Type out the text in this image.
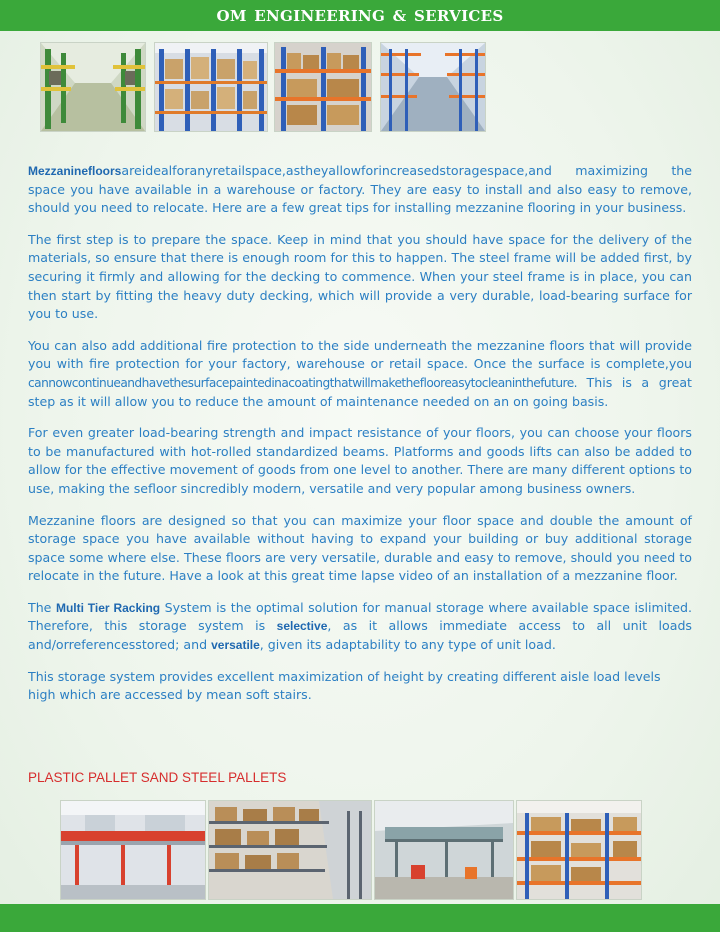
OM ENGINEERING & SERVICES

Mezzaninefloorsareidealforanyretailspace,astheyallowforincreasedstoragespace,and maximizing the space you have available in a warehouse or factory. They are easy to install and also easy to remove, should you need to relocate. Here are a few great tips for installing mezzanine flooring in your business.

The first step is to prepare the space. Keep in mind that you should have space for the delivery of the materials, so ensure that there is enough room for this to happen. The steel frame will be added first, by securing it firmly and allowing for the decking to commence. When your steel frame is in place, you can then start by fitting the heavy duty decking, which will provide a very durable, load-bearing surface for you to use.

You can also add additional fire protection to the side underneath the mezzanine floors that will provide you with fire protection for your factory, warehouse or retail space. Once the surface is complete,you cannowcontinueandhavethesurfacepaintedinacoatingthatwillmaketheflooreasytocleaninthefuture. This is a great step as it will allow you to reduce the amount of maintenance needed on an on going basis.

For even greater load-bearing strength and impact resistance of your floors, you can choose your floors to be manufactured with hot-rolled standardized beams. Platforms and goods lifts can also be added to allow for the effective movement of goods from one level to another. There are many different options to use, making the sefloor sincredibly modern, versatile and very popular among business owners.

Mezzanine floors are designed so that you can maximize your floor space and double the amount of storage space you have available without having to expand your building or buy additional storage space some where else. These floors are very versatile, durable and easy to remove, should you need to relocate in the future. Have a look at this great time lapse video of an installation of a mezzanine floor.

The Multi Tier Racking System is the optimal solution for manual storage where available space islimited. Therefore, this storage system is selective, as it allows immediate access to all unit loads and/orreferencesstored; and versatile, given its adaptability to any type of unit load.

This storage system provides excellent maximization of height by creating different aisle load levels high which are accessed by mean soft stairs.

PLASTIC PALLET SAND STEEL PALLETS
